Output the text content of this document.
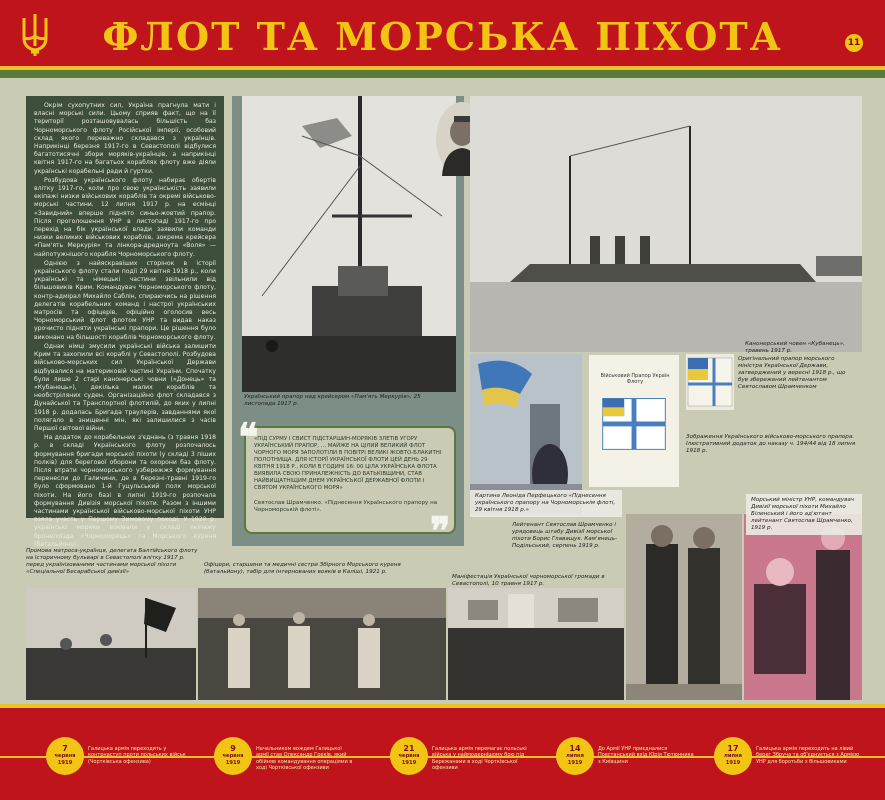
ФЛОТ ТА МОРСЬКА ПІХОТА	11

Окрім сухопутних сил, Україна прагнула мати і власні морські сили. Цьому сприяв факт, що на її території розташовувалась більшість баз Чорноморського флоту Російської імперії, особовий склад якого переважно складався з українців. Наприкінці березня 1917-го в Севастополі відбулися багатотисячні збори моряків-українців, а наприкінці квітня 1917-го на багатьох кораблях флоту вже діяли українські корабельні ради й гуртки.

Розбудова українського флоту набирає обертів влітку 1917-го, коли про свою українськість заявили екіпажі низки військових кораблів та окремі військово-морські частини. 12 липня 1917 р. на есмінці «Завидний» вперше піднято синьо-жовтий прапор. Після проголошення УНР в листопаді 1917-го про перехід на бік української влади заявили команди низки великих військових кораблів, зокрема крейсера «Пам'ять Меркурія» та лінкора-дредноута «Воля» — найпотужнішого корабля Чорноморського флоту.

Однією з найяскравіших сторінок в історії українського флоту стали події 29 квітня 1918 р., коли українські та німецькі частини звільнили від більшовиків Крим. Командувач Чорноморського флоту, контр-адмірал Михайло Саблін, спираючись на рішення делегатів корабельних команд і настрої українських матросів та офіцерів, офіційно оголосив весь Чорноморський флот флотом УНР та видав наказ урочисто підняти українські прапори. Це рішення було виконано на більшості кораблів Чорноморського флоту.

Однак німці змусили українські війська залишити Крим та захопили всі кораблі у Севастополі. Розбудова військово-морських сил Української Держави відбувалися на материковій частині України. Спочатку були лише 2 старі канонерські човни («Донець» та «Кубанець»), декілька малих кораблів та необстріляних суден. Організаційно флот складався з Дунайської та Транспортної флотилій, до яких у липні 1918 р. додалась Бригада траулерів, завданнями якої полягало в знищенні мін, які залишилися з часів Першої світової війни.

На додаток до корабельних з'єднань (з травня 1918 р. в складі Українського флоту розпочалось формування бригади морської піхоти (у складі 3 піших полків) для берегової оборони та охорони баз флоту. Після втрати чорноморського узбережжя формування перенесли до Галичини, де в березні-травні 1919-го було сформовано 1-й Гуцульський полк морської піхоти. На його базі в липні 1919-го розпочала формування Дивізія морської піхоти. Разом з іншими частинами української військово-морської піхоти УНР взяла участь у Першому Зимовому поході. У 1920 р. українські моряки воювали у складі екіпажу бронепоїзда «Чорноморець» та Морського куреня (батальйону).

Український прапор над крейсером «Пам'ять Меркурія», 25 листопада 1917 р.
Канонерський човен «Кубанець», травень 1917 р.
Військовий Прапор Україн Флоту
Оригінальний прапор морського міністра Української Держави, затверджений у вересні 1918 р., що був збережений лейтенантом Святославом Шрамченком
Зображення Українського військово-морського прапора. Ілюстративний додаток до наказу ч. 194/44 від 18 липня 1918 р.
«ПІД СУРМУ І СВИСТ ПІДСТАРШИН-МОРЯКІВ ЗЛЕТІВ УГОРУ УКРАЇНСЬКИЙ ПРАПОР, … МАЙЖЕ НА ЦІЛИЙ ВЕЛИКИЙ ФЛОТ ЧОРНОГО МОРЯ ЗАПОЛОТІЛИ В ПОВІТРІ ВЕЛИКІ ЖОВТО-БЛАКИТНІ ПОЛОТНИЩА. ДЛЯ ІСТОРІЇ УКРАЇНСЬКОЇ ФЛОТИ ЦЕЙ ДЕНЬ 29 КВІТНЯ 1918 Р., КОЛИ В ГОДИНІ 16: 00 ЦІЛА УКРАЇНСЬКА ФЛОТА ВИЯВИЛА СВОЮ ПРИНАЛЕЖНІСТЬ ДО БАТЬКІВЩИНИ, СТАВ НАЙВИЩАТНІЩИМ ДНЕМ УКРАЇНСЬКОЇ ДЕРЖАВНОЇ ФЛОТИ І СВЯТОМ УКРАЇНСЬКОГО МОРЯ»
Святослав Шрамченко. «Піднесення Українського прапору на Чорноморській флоті».
❝
❞
Картина Леоніда Перфецького «Піднесення українського прапору на Чорноморськім флоті, 29 квітня 1918 р.»
Лейтенант Святослав Шрамченко і урядовець штабу Дивізії морської піхоти Борис Главащук. Кам'янець-Подільський, серпень 1919 р.
Морський міністр УНР, командувач Дивізії морської піхоти Михайло Білинський і його ад'ютант лейтенант Святослав Шрамченко, 1919 р.
Промова матроса-українця, делегата Балтійського флоту на Історичному бульварі в Севастополі влітку 1917 р. перед українізованими частинами морської піхоти «Спеціальної Бесарабської дивізії»
Офіцери, старшини та медичні сестри Збірного Морського куреня (батальйону), табір для інтернованих вояків в Каліші, 1921 р.
Маніфестація Української чорноморської громади в Севастополі, 10 травня 1917 р.
7
червня
1919
Галицька армія переходить у контрнаступ проти польських військ (Чортківська офензива)
9
червня
1919
Начальником вождем Галицької армії став Олександр Греків, який обійняв командування операціями в ході Чортківської офензиви
21
червня
1919
Галицька армія перемагає польські війська у наймодернішому бою під Бережанами в ході Чортківської офензиви
14
липня
1919
До Армії УНР приєдналися Повстанський вхід Юрія Тютюнника з Київщини
17
липня
1919
Галицька армія переходить на лівий берег Збруча та об'єднується з Армією УНР для боротьби з більшовиками
